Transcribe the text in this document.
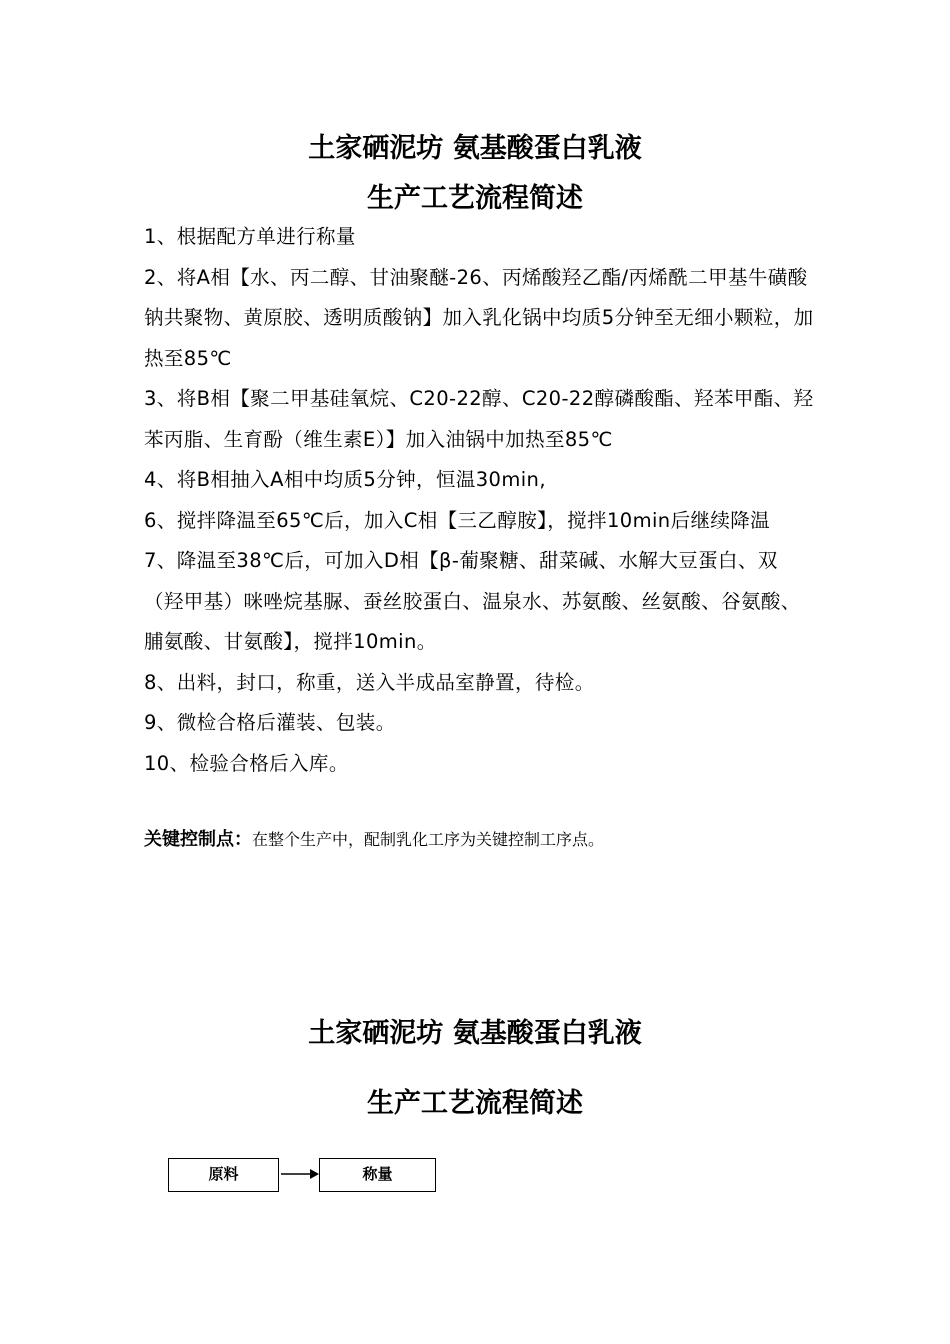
土家硒泥坊 氨基酸蛋白乳液
生产工艺流程简述

1、根据配方单进行称量

2、将A相【水、丙二醇、甘油聚醚-26、丙烯酸羟乙酯/丙烯酰二甲基牛磺酸钠共聚物、黄原胶、透明质酸钠】加入乳化锅中均质5分钟至无细小颗粒，加热至85℃

3、将B相【聚二甲基硅氧烷、C20-22醇、C20-22醇磷酸酯、羟苯甲酯、羟苯丙脂、生育酚（维生素E）】加入油锅中加热至85℃

4、将B相抽入A相中均质5分钟，恒温30min,

6、搅拌降温至65℃后，加入C相【三乙醇胺】，搅拌10min后继续降温

7、降温至38℃后，可加入D相【β-葡聚糖、甜菜碱、水解大豆蛋白、双（羟甲基）咪唑烷基脲、蚕丝胶蛋白、温泉水、苏氨酸、丝氨酸、谷氨酸、脯氨酸、甘氨酸】，搅拌10min。

8、出料，封口，称重，送入半成品室静置，待检。

9、微检合格后灌装、包装。

10、检验合格后入库。

关键控制点：在整个生产中，配制乳化工序为关键控制工序点。
土家硒泥坊 氨基酸蛋白乳液
生产工艺流程简述
原料	称量
